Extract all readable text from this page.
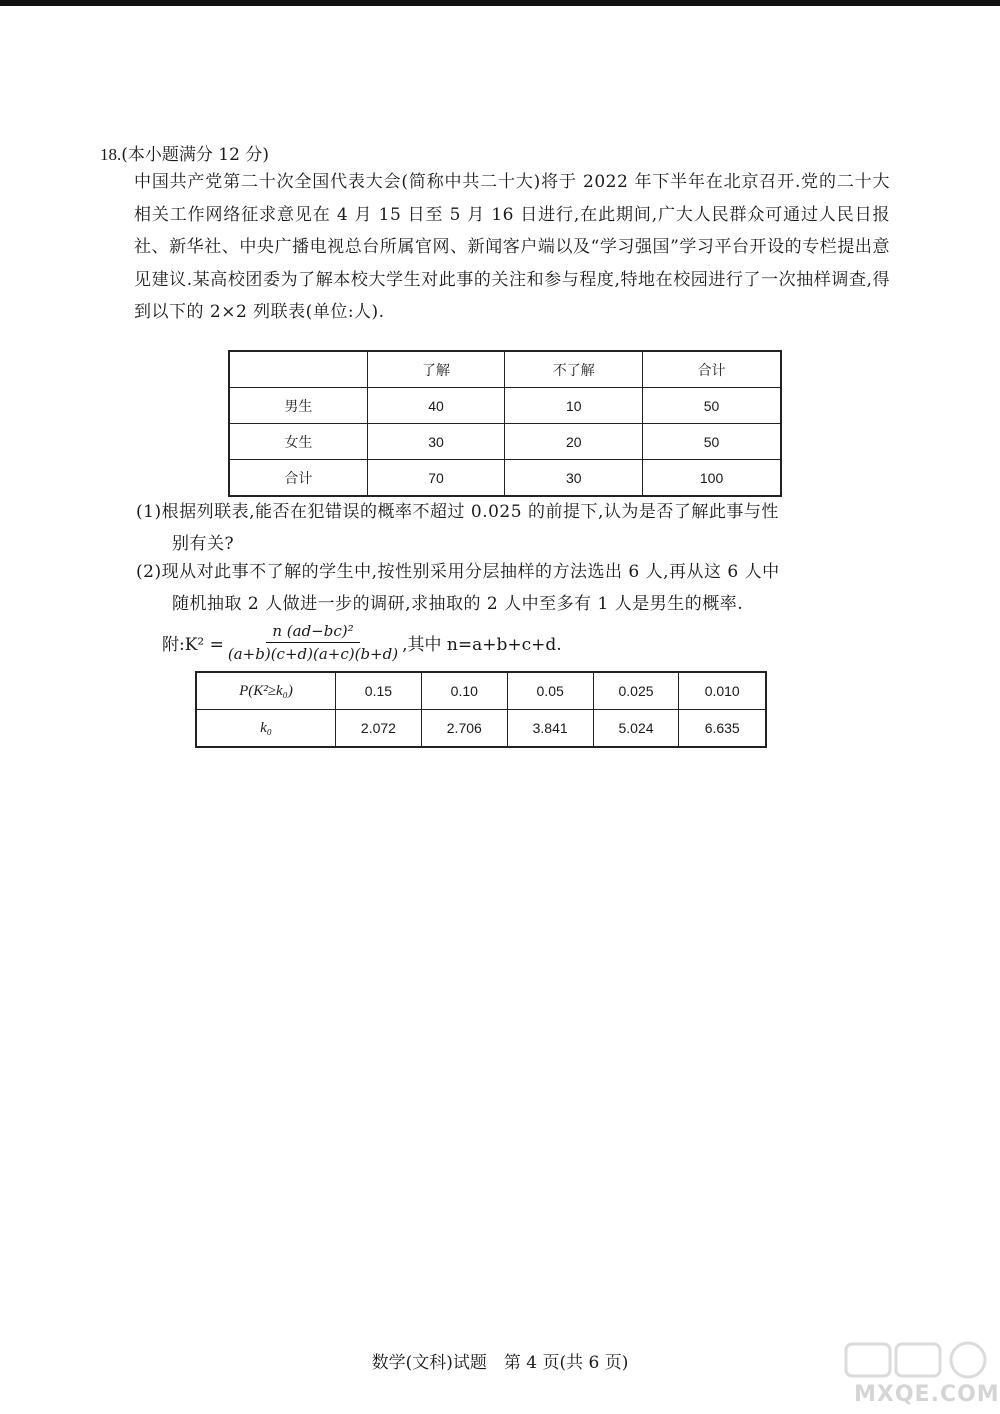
18.(本小题满分 12 分)
中国共产党第二十次全国代表大会(简称中共二十大)将于 2022 年下半年在北京召开.党的二十大相关工作网络征求意见在 4 月 15 日至 5 月 16 日进行,在此期间,广大人民群众可通过人民日报社、新华社、中央广播电视总台所属官网、新闻客户端以及“学习强国”学习平台开设的专栏提出意见建议.某高校团委为了解本校大学生对此事的关注和参与程度,特地在校园进行了一次抽样调查,得到以下的 2×2 列联表(单位:人).
	了解	不了解	合计
男生	40	10	50
女生	30	20	50
合计	70	30	100
(1)根据列联表,能否在犯错误的概率不超过 0.025 的前提下,认为是否了解此事与性
别有关?
(2)现从对此事不了解的学生中,按性别采用分层抽样的方法选出 6 人,再从这 6 人中
随机抽取 2 人做进一步的调研,求抽取的 2 人中至多有 1 人是男生的概率.
附:K² = $\frac{\text{n (ad−bc)²}}{(a+b)(c+d)(a+c)(b+d)}$ ,其中 n=a+b+c+d.
P(K²≥k₀)	0.15	0.10	0.05	0.025	0.010
k₀	2.072	2.706	3.841	5.024	6.635
数学(文科)试题　第 4 页(共 6 页)
MXQE.COM
